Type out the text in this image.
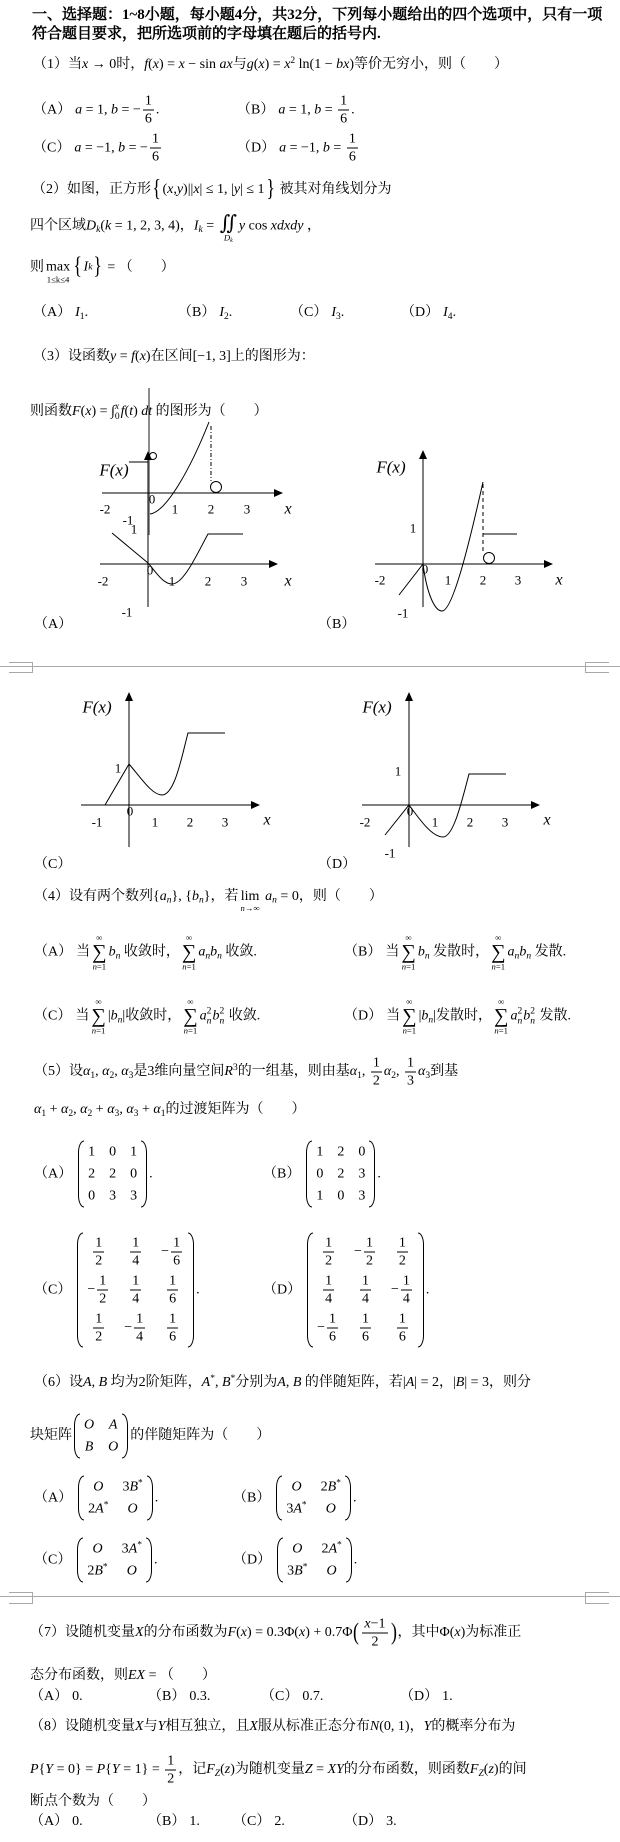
-2
0
1 2 3 x
-1
F(x)
1
-2
0
1 2 3 x
-1
F(x)
1
-2
0
1 2 3 x
-1
F(x)
1
-1
0
1 2 3 x
F(x)
1
-2
0
1 2 3 x
-1
一、选择题：1~8小题，每小题4分，共32分，下列每小题给出的四个选项中，只有一项
符合题目要求，把所选项前的字母填在题后的括号内.
（1）当x → 0时，f(x) = x − sin ax与$g(x) = x^2$ ln(1 − bx)等价无穷小，则（　　）
（A） a = 1, b = − $\frac{1}{6}$ .	（B） a = 1, $b = \frac{1}{6}$ .
（C） a = −1, b = − $\frac{1}{6}$	（D） a = −1, $b = \frac{1}{6}$
（2）如图，正方形 { ( x , y )|| x | ≤ 1, | y | ≤ 1 } 被其对角线划分为
四个区域$D_k(k = 1$, 2, 3, 4)，$I_k$ = ∬
$D_k$
y cos xdxdy ，
则 max
1≤k≤4 { I k } = （　　）
（A） $I_1$.	（B） $I_2$.	（C） $I_3$.	（D） $I_4$.
（3）设函数y = f(x)在区间[−1, 3]上的图形为：
则函数F(x) = ∫ x
0 f(t) dt 的图形为（　　）
（A）	（B）
（C）	（D）
（4）设有两个数列$\{a_n\}$, $\{b_n\}$，若 lim
n→∞
$a_n = 0$，则（　　）
（A） 当
∞
∑
n=1
$b_n$ 收敛时，
∞
∑
n=1
$a_nb_n$ 收敛.	（B） 当
∞
∑
n=1
$b_n$ 发散时，
∞
∑
n=1
$a_nb_n$ 发散.
（C） 当
∞
∑
n=1
$|b_n|$收敛时，
∞
∑
n=1
a 2
n b 2
n 收敛.	（D） 当
∞
∑
n=1
$|b_n|$发散时，
∞
∑
n=1
a 2
n b 2
n 发散.
（5）设$\alpha_1$, $\alpha_2$, $\alpha_3$是3维向量空间$R^3$的一组基，则由基$\alpha_1$, $\frac{1}{2} \alpha_2$, $\frac{1}{3} \alpha_3$到基
$\alpha_1 + \alpha_2$, $\alpha_2 + \alpha_3$, $\alpha_3 + \alpha_1$的过渡矩阵为（　　）
（A）
1 0 1
2 2 0
0 3 3
.	（B）
1 2 0
0 2 3
1 0 3
.
（C）
$\frac{1}{2} \frac{1}{4} - \frac{1}{6}$
− $\frac{1}{2} \frac{1}{4} \frac{1}{6}$
$\frac{1}{2} - \frac{1}{4} \frac{1}{6}$
.	（D）
$\frac{1}{2} - \frac{1}{2} \frac{1}{2}$
$\frac{1}{4} \frac{1}{4} - \frac{1}{4}$
− $\frac{1}{6} \frac{1}{6} \frac{1}{6}$
.
（6）设A, B 均为2阶矩阵，A*, B*分别为A, B 的伴随矩阵，若|A| = 2，|B| = 3，则分
块矩阵
O A
B O
的伴随矩阵为（　　）
（A）
O 3B*
2A* O
.	（B）
O 2B*
3A* O
.
（C）
O 3A*
2B* O
.	（D）
O 2A*
3B* O
.
（7）设随机变量X的分布函数为F(x) = 0.3Φ(x) + 0.7Φ ( $\frac{x-1}{2}$ ) ，其中Φ(x)为标准正
态分布函数，则EX = （　　）
（A） 0.	（B） 0.3.	（C） 0.7.	（D） 1.
（8）设随机变量X与Y相互独立，且X服从标准正态分布N(0, 1)，Y的概率分布为
$P\{Y = 0\} = P\{Y = 1\} = \frac{1}{2}$ ，记$F_Z(z)$为随机变量Z = XY的分布函数，则函数$F_Z(z)$的间
断点个数为（　　）
（A） 0.	（B） 1. （C） 2.	（D） 3.
